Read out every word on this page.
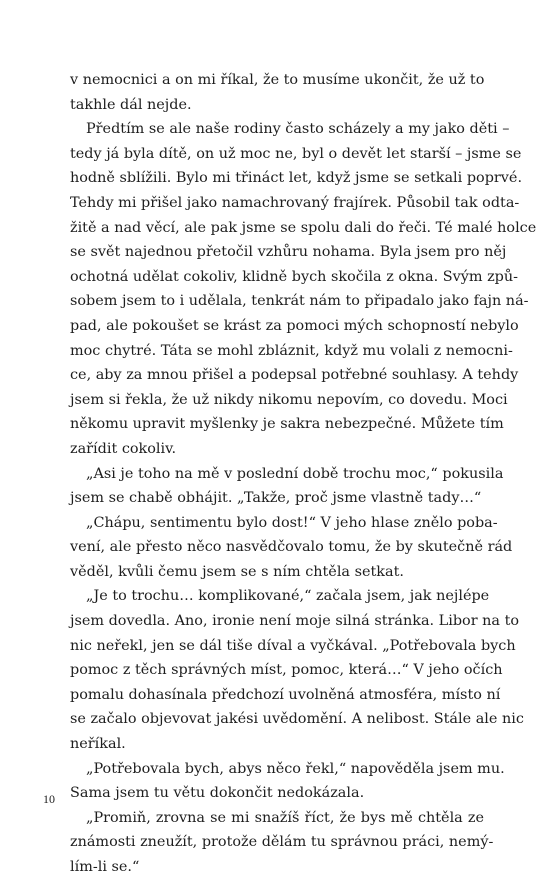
v nemocnici a on mi říkal, že to musíme ukončit, že už to
takhle dál nejde.
Předtím se ale naše rodiny často scházely a my jako děti –
tedy já byla dítě, on už moc ne, byl o devět let starší – jsme se
hodně sblížili. Bylo mi třináct let, když jsme se setkali poprvé.
Tehdy mi přišel jako namachrovaný frajírek. Působil tak odta-
žitě a nad věcí, ale pak jsme se spolu dali do řeči. Té malé holce
se svět najednou přetočil vzhůru nohama. Byla jsem pro něj
ochotná udělat cokoliv, klidně bych skočila z okna. Svým způ-
sobem jsem to i udělala, tenkrát nám to připadalo jako fajn ná-
pad, ale pokoušet se krást za pomoci mých schopností nebylo
moc chytré. Táta se mohl zbláznit, když mu volali z nemocni-
ce, aby za mnou přišel a podepsal potřebné souhlasy. A tehdy
jsem si řekla, že už nikdy nikomu nepovím, co dovedu. Moci
někomu upravit myšlenky je sakra nebezpečné. Můžete tím
zařídit cokoliv.
„Asi je toho na mě v poslední době trochu moc,“ pokusila
jsem se chabě obhájit. „Takže, proč jsme vlastně tady…“
„Chápu, sentimentu bylo dost!“ V jeho hlase znělo poba-
vení, ale přesto něco nasvědčovalo tomu, že by skutečně rád
věděl, kvůli čemu jsem se s ním chtěla setkat.
„Je to trochu… komplikované,“ začala jsem, jak nejlépe
jsem dovedla. Ano, ironie není moje silná stránka. Libor na to
nic neřekl, jen se dál tiše díval a vyčkával. „Potřebovala bych
pomoc z těch správných míst, pomoc, která…“ V jeho očích
pomalu dohasínala předchozí uvolněná atmosféra, místo ní
se začalo objevovat jakési uvědomění. A nelibost. Stále ale nic
neříkal.
„Potřebovala bych, abys něco řekl,“ napověděla jsem mu.
Sama jsem tu větu dokončit nedokázala.
„Promiň, zrovna se mi snažíš říct, že bys mě chtěla ze
známosti zneužít, protože dělám tu správnou práci, nemý-
lím-li se.“
10
